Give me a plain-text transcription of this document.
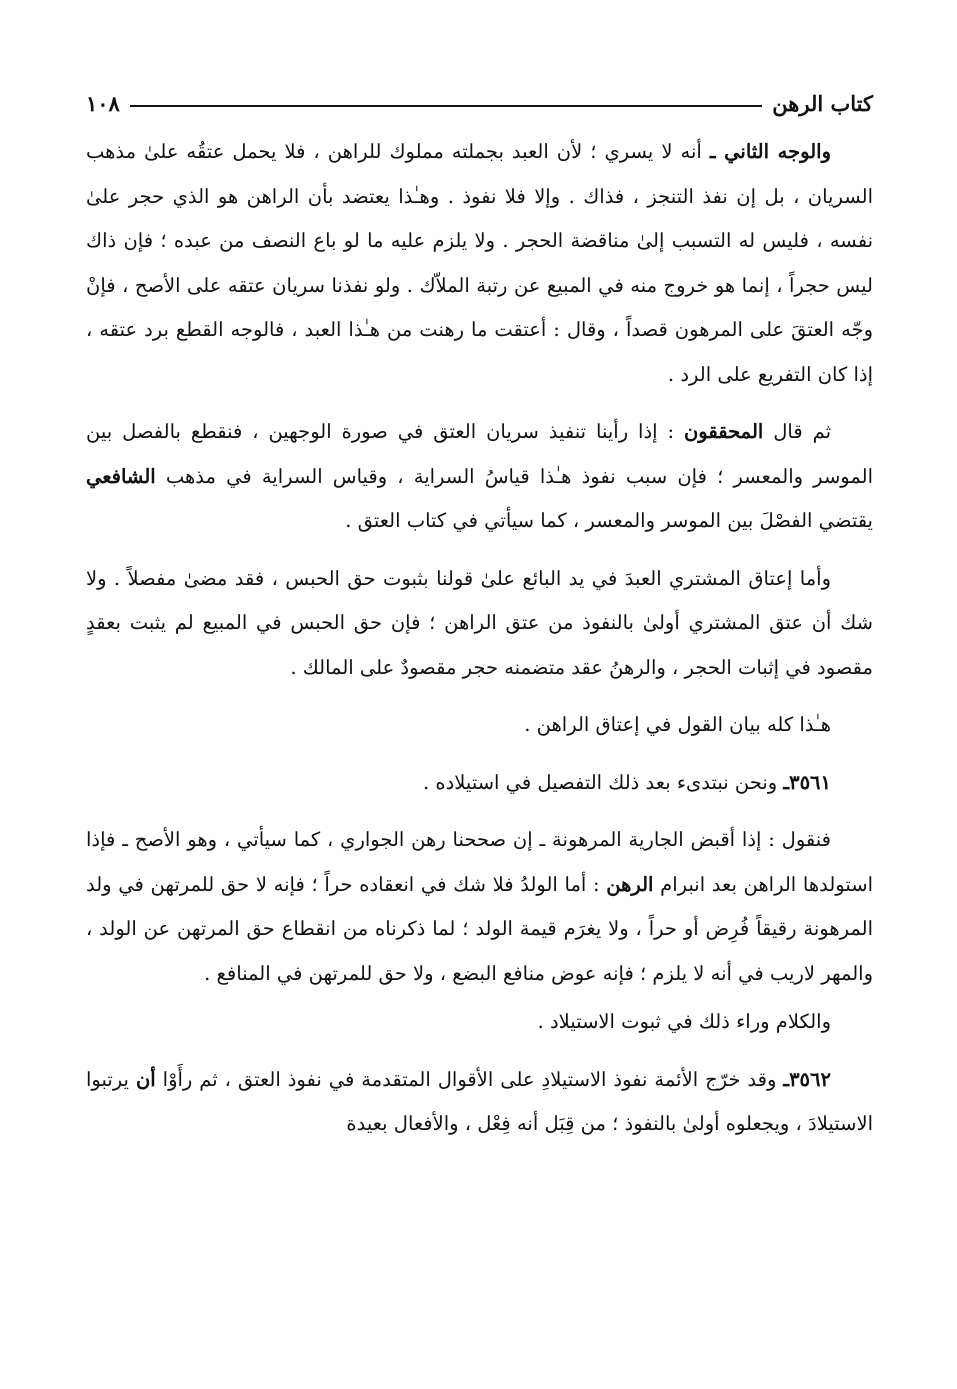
كتاب الرهن
١٠٨

والوجه الثاني ـ أنه لا يسري ؛ لأن العبد بجملته مملوك للراهن ، فلا يحمل عتقُه علىٰ مذهب السريان ، بل إن نفذ التنجز ، فذاك . وإلا فلا نفوذ . وهـٰذا يعتضد بأن الراهن هو الذي حجر علىٰ نفسه ، فليس له التسبب إلىٰ مناقضة الحجر . ولا يلزم عليه ما لو باع النصف من عبده ؛ فإن ذاك ليس حجراً ، إنما هو خروج منه في المبيع عن رتبة الملاّك . ولو نفذنا سريان عتقه على الأصح ، فإنْ وجّه العتقَ على المرهون قصداً ، وقال : أعتقت ما رهنت من هـٰذا العبد ، فالوجه القطع برد عتقه ، إذا كان التفريع على الرد .

ثم قال المحققون : إذا رأينا تنفيذ سريان العتق في صورة الوجهين ، فنقطع بالفصل بين الموسر والمعسر ؛ فإن سبب نفوذ هـٰذا قياسُ السراية ، وقياس السراية في مذهب الشافعي يقتضي الفصْلَ بين الموسر والمعسر ، كما سيأتي في كتاب العتق .

وأما إعتاق المشتري العبدَ في يد البائع علىٰ قولنا بثبوت حق الحبس ، فقد مضىٰ مفصلاً . ولا شك أن عتق المشتري أولىٰ بالنفوذ من عتق الراهن ؛ فإن حق الحبس في المبيع لم يثبت بعقدٍ مقصود في إثبات الحجر ، والرهنُ عقد متضمنه حجر مقصودٌ على المالك .

هـٰذا كله بيان القول في إعتاق الراهن .

٣٥٦١ـ ونحن نبتدىء بعد ذلك التفصيل في استيلاده .

فنقول : إذا أقبض الجارية المرهونة ـ إن صححنا رهن الجواري ، كما سيأتي ، وهو الأصح ـ فإذا استولدها الراهن بعد انبرام الرهن : أما الولدُ فلا شك في انعقاده حراً ؛ فإنه لا حق للمرتهن في ولد المرهونة رقيقاً فُرِض أو حراً ، ولا يغرَم قيمة الولد ؛ لما ذكرناه من انقطاع حق المرتهن عن الولد ، والمهر لاريب في أنه لا يلزم ؛ فإنه عوض منافع البضع ، ولا حق للمرتهن في المنافع .

والكلام وراء ذلك في ثبوت الاستيلاد .

٣٥٦٢ـ وقد خرّج الأئمة نفوذ الاستيلادِ على الأقوال المتقدمة في نفوذ العتق ، ثم رأَوْا أن يرتبوا الاستيلادَ ، ويجعلوه أولىٰ بالنفوذ ؛ من قِبَل أنه فِعْل ، والأفعال بعيدة
